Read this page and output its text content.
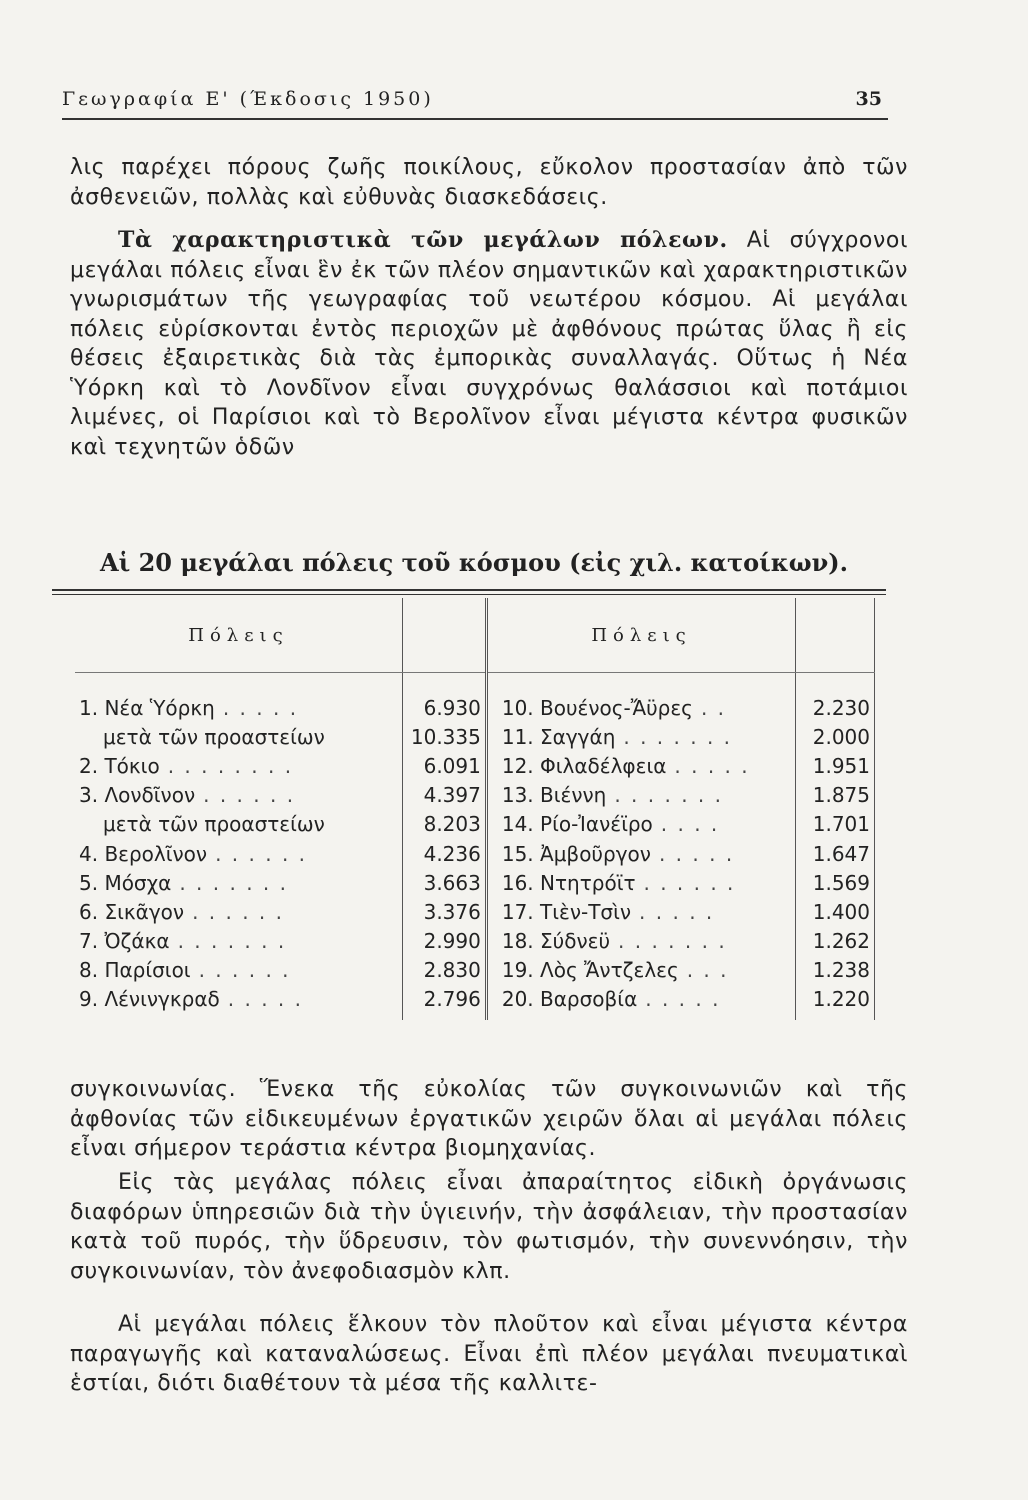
Γεωγραφία Ε' (Έκδοσις 1950)	35

λις παρέχει πόρους ζωῆς ποικίλους, εὔκολον προστασίαν ἀπὸ τῶν ἀσθενειῶν, πολλὰς καὶ εὐθυνὰς διασκεδάσεις.

Τὰ χαρακτηριστικὰ τῶν μεγάλων πόλεων. Αἱ σύγχρονοι μεγάλαι πόλεις εἶναι ἓν ἐκ τῶν πλέον σημαντικῶν καὶ χαρακτηριστικῶν γνωρισμάτων τῆς γεωγραφίας τοῦ νεωτέρου κόσμου. Αἱ μεγάλαι πόλεις εὑρίσκονται ἐντὸς περιοχῶν μὲ ἀφθόνους πρώτας ὕλας ἢ εἰς θέσεις ἐξαιρετικὰς διὰ τὰς ἐμπορικὰς συναλλαγάς. Οὕτως ἡ Νέα Ὑόρκη καὶ τὸ Λονδῖνον εἶναι συγχρόνως θαλάσσιοι καὶ ποτάμιοι λιμένες, οἱ Παρίσιοι καὶ τὸ Βερολῖνον εἶναι μέγιστα κέντρα φυσικῶν καὶ τεχνητῶν ὁδῶν

Αἱ 20 μεγάλαι πόλεις τοῦ κόσμου (εἰς χιλ. κατοίκων).
Πόλεις		Πόλεις	
1. Νέα Ὑόρκη . . . . .	6.930	10. Βουένος-Ἄϋρες . .	2.230
μετὰ τῶν προαστείων	10.335	11. Σαγγάη . . . . . . .	2.000
2. Τόκιο . . . . . . . .	6.091	12. Φιλαδέλφεια . . . . .	1.951
3. Λονδῖνον . . . . . .	4.397	13. Βιέννη . . . . . . .	1.875
μετὰ τῶν προαστείων	8.203	14. Ρίο-Ἰανέϊρο . . . .	1.701
4. Βερολῖνον . . . . . .	4.236	15. Ἀμβοῦργον . . . . .	1.647
5. Μόσχα . . . . . . .	3.663	16. Ντητρόϊτ . . . . . .	1.569
6. Σικᾶγον . . . . . .	3.376	17. Τιὲν-Τσὶν . . . . .	1.400
7. Ὀζάκα . . . . . . .	2.990	18. Σύδνεϋ . . . . . . .	1.262
8. Παρίσιοι . . . . . .	2.830	19. Λὸς Ἄντζελες . . .	1.238
9. Λένινγκραδ . . . . .	2.796	20. Βαρσοβία . . . . .	1.220

συγκοινωνίας. Ἕνεκα τῆς εὐκολίας τῶν συγκοινωνιῶν καὶ τῆς ἀφθονίας τῶν εἰδικευμένων ἐργατικῶν χειρῶν ὅλαι αἱ μεγάλαι πόλεις εἶναι σήμερον τεράστια κέντρα βιομηχανίας.

Εἰς τὰς μεγάλας πόλεις εἶναι ἀπαραίτητος εἰδικὴ ὀργάνωσις διαφόρων ὑπηρεσιῶν διὰ τὴν ὑγιεινήν, τὴν ἀσφάλειαν, τὴν προστασίαν κατὰ τοῦ πυρός, τὴν ὕδρευσιν, τὸν φωτισμόν, τὴν συνεννόησιν, τὴν συγκοινωνίαν, τὸν ἀνεφοδιασμὸν κλπ.

Αἱ μεγάλαι πόλεις ἕλκουν τὸν πλοῦτον καὶ εἶναι μέγιστα κέντρα παραγωγῆς καὶ καταναλώσεως. Εἶναι ἐπὶ πλέον μεγάλαι πνευματικαὶ ἑστίαι, διότι διαθέτουν τὰ μέσα τῆς καλλιτε-
